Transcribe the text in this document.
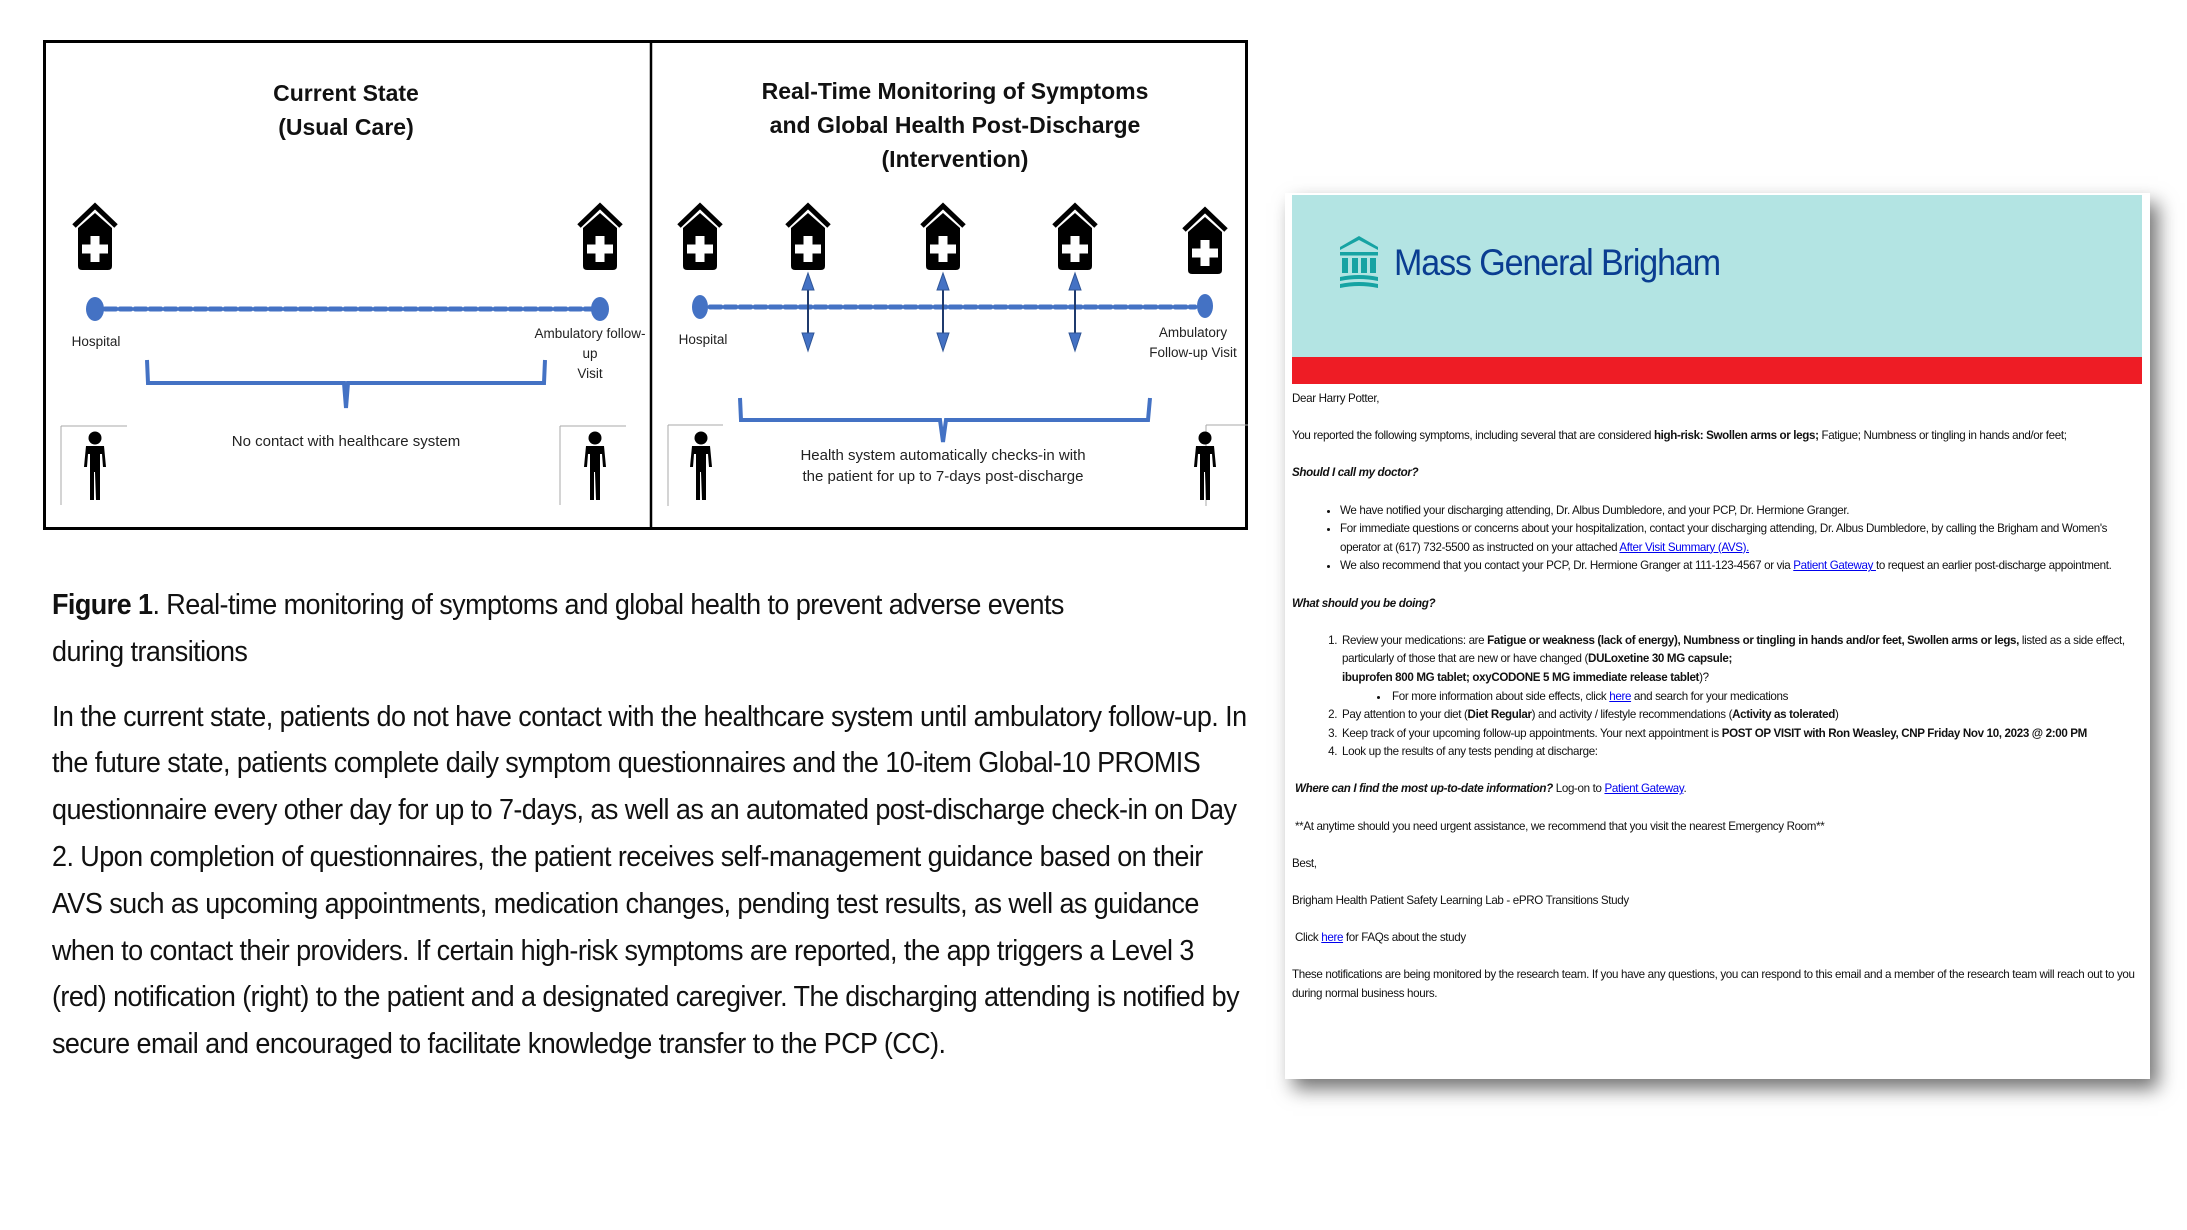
Current State
(Usual Care)
Hospital
Ambulatory follow-
up
Visit
No contact with healthcare system
Real-Time Monitoring of Symptoms
and Global Health Post-Discharge
(Intervention)
Hospital	Ambulatory
Follow-up Visit
Health system automatically checks-in with
the patient for up to 7-days post-discharge

Figure 1. Real-time monitoring of symptoms and global health to prevent adverse events during transitions

In the current state, patients do not have contact with the healthcare system until ambulatory follow-up. In the future state, patients complete daily symptom questionnaires and the 10-item Global-10 PROMIS questionnaire every other day for up to 7-days, as well as an automated post-discharge check-in on Day 2. Upon completion of questionnaires, the patient receives self-management guidance based on their AVS such as upcoming appointments, medication changes, pending test results, as well as guidance when to contact their providers. If certain high-risk symptoms are reported, the app triggers a Level 3 (red) notification (right) to the patient and a designated caregiver. The discharging attending is notified by secure email and encouraged to facilitate knowledge transfer to the PCP (CC).

Mass General Brigham

Dear Harry Potter,

You reported the following symptoms, including several that are considered high-risk: Swollen arms or legs; Fatigue; Numbness or tingling in hands and/or feet;

Should I call my doctor?

• We have notified your discharging attending, Dr. Albus Dumbledore, and your PCP, Dr. Hermione Granger.
• For immediate questions or concerns about your hospitalization, contact your discharging attending, Dr. Albus Dumbledore, by calling the Brigham and Women's operator at (617) 732-5500 as instructed on your attached After Visit Summary (AVS).
• We also recommend that you contact your PCP, Dr. Hermione Granger at 111-123-4567 or via Patient Gateway to request an earlier post-discharge appointment.

What should you be doing?

1. Review your medications: are Fatigue or weakness (lack of energy), Numbness or tingling in hands and/or feet, Swollen arms or legs, listed as a side effect, particularly of those that are new or have changed (DULoxetine 30 MG capsule;
ibuprofen 800 MG tablet; oxyCODONE 5 MG immediate release tablet)?
• For more information about side effects, click here and search for your medications
2. Pay attention to your diet (Diet Regular) and activity / lifestyle recommendations (Activity as tolerated)
3. Keep track of your upcoming follow-up appointments. Your next appointment is POST OP VISIT with Ron Weasley, CNP Friday Nov 10, 2023 @ 2:00 PM
4. Look up the results of any tests pending at discharge:

Where can I find the most up-to-date information? Log-on to Patient Gateway.

**At anytime should you need urgent assistance, we recommend that you visit the nearest Emergency Room**

Best,

Brigham Health Patient Safety Learning Lab - ePRO Transitions Study

Click here for FAQs about the study

These notifications are being monitored by the research team. If you have any questions, you can respond to this email and a member of the research team will reach out to you during normal business hours.
